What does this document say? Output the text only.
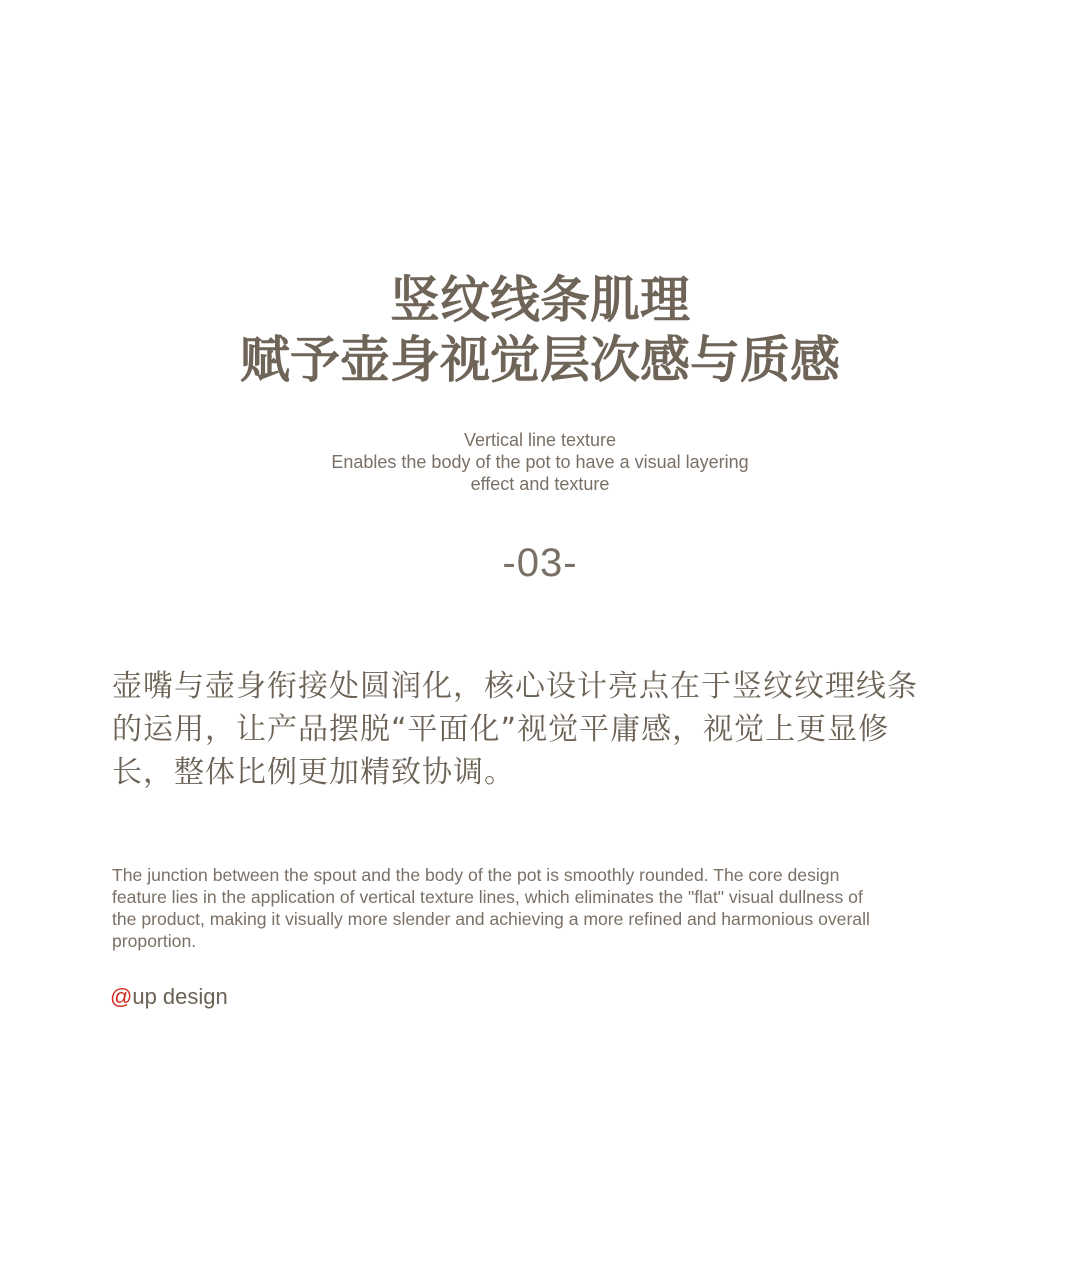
竖纹线条肌理
赋予壶身视觉层次感与质感
Vertical line texture
Enables the body of the pot to have a visual layering
effect and texture
-03-
壶嘴与壶身衔接处圆润化，核心设计亮点在于竖纹纹理线条
的运用，让产品摆脱“平面化”视觉平庸感，视觉上更显修
长，整体比例更加精致协调。
The junction between the spout and the body of the pot is smoothly rounded. The core design
feature lies in the application of vertical texture lines, which eliminates the "flat" visual dullness of
the product, making it visually more slender and achieving a more refined and harmonious overall
proportion.
@up design
